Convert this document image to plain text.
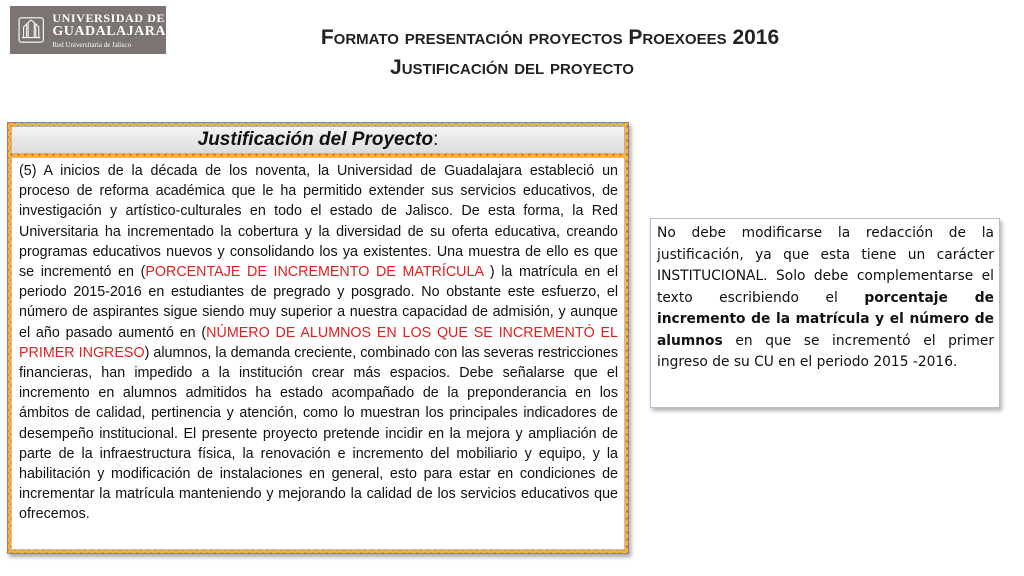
UNIVERSIDAD DE
GUADALAJARA
Red Universitaria de Jalisco	Formato presentación proyectos Proexoees 2016
Justificación del proyecto
Justificación del Proyecto:
(5) A inicios de la década de los noventa, la Universidad de Guadalajara estableció un proceso de reforma académica que le ha permitido extender sus servicios educativos, de investigación y artístico-culturales en todo el estado de Jalisco. De esta forma, la Red Universitaria ha incrementado la cobertura y la diversidad de su oferta educativa, creando programas educativos nuevos y consolidando los ya existentes. Una muestra de ello es que se incrementó en (PORCENTAJE DE INCREMENTO DE MATRÍCULA ) la matrícula en el periodo 2015-2016 en estudiantes de pregrado y posgrado. No obstante este esfuerzo, el número de aspirantes sigue siendo muy superior a nuestra capacidad de admisión, y aunque el año pasado aumentó en (NÚMERO DE ALUMNOS EN LOS QUE SE INCREMENTÓ EL PRIMER INGRESO) alumnos, la demanda creciente, combinado con las severas restricciones financieras, han impedido a la institución crear más espacios. Debe señalarse que el incremento en alumnos admitidos ha estado acompañado de la preponderancia en los ámbitos de calidad, pertinencia y atención, como lo muestran los principales indicadores de desempeño institucional. El presente proyecto pretende incidir en la mejora y ampliación de parte de la infraestructura física, la renovación e incremento del mobiliario y equipo, y la habilitación y modificación de instalaciones en general, esto para estar en condiciones de incrementar la matrícula manteniendo y mejorando la calidad de los servicios educativos que ofrecemos.
No debe modificarse la redacción de la justificación, ya que esta tiene un carácter INSTITUCIONAL. Solo debe complementarse el texto escribiendo el porcentaje de incremento de la matrícula y el número de alumnos en que se incrementó el primer ingreso de su CU en el periodo 2015 -2016.
